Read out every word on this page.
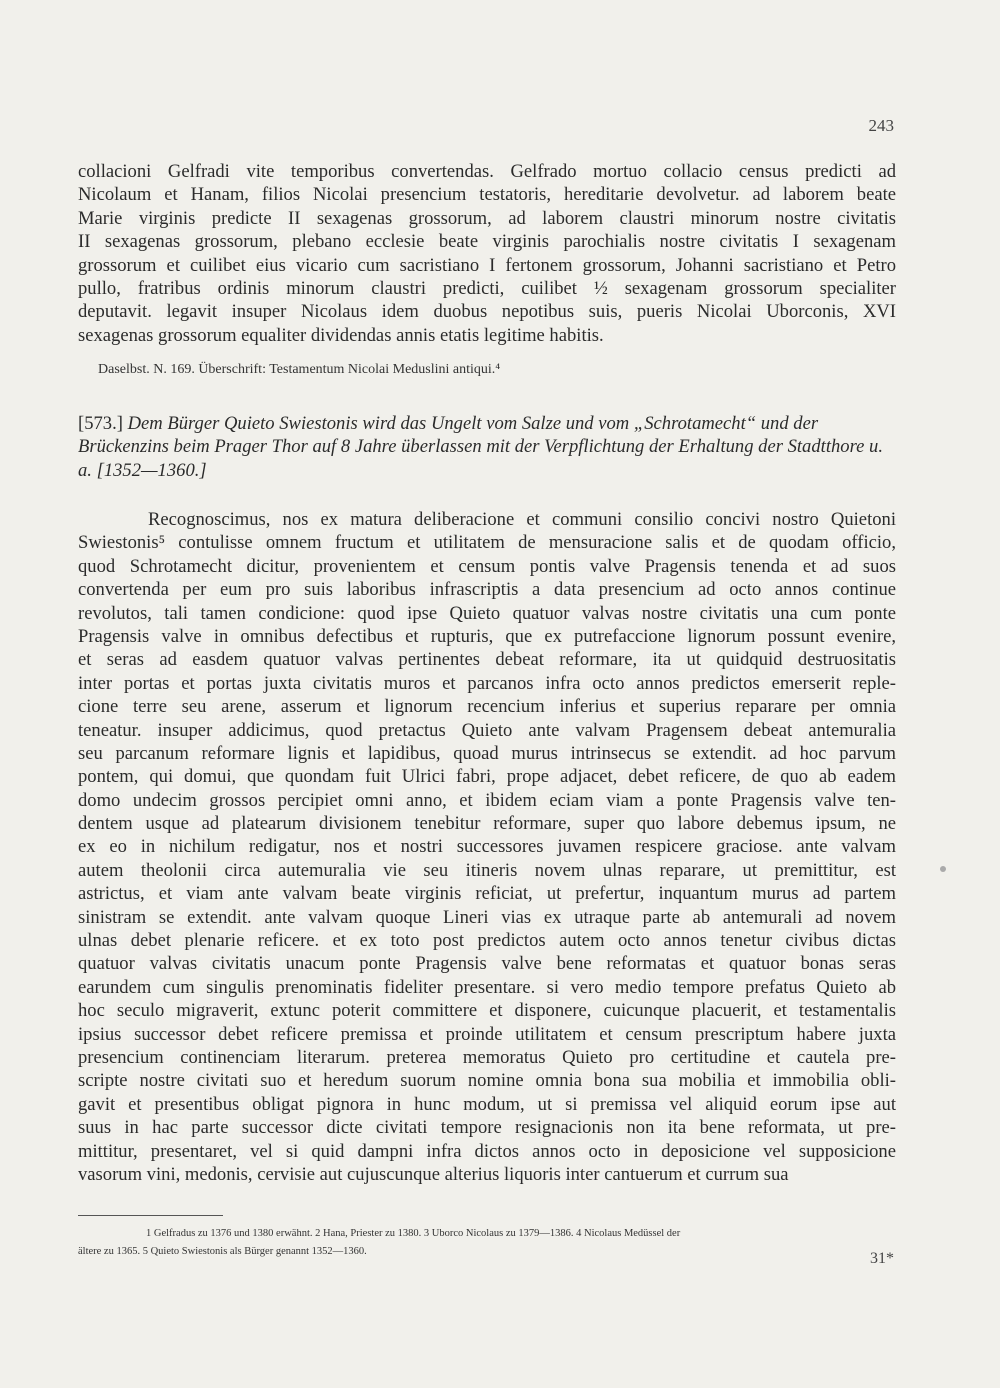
243
collacioni Gelfradi vite temporibus convertendas. Gelfrado mortuo collacio census predicti ad
Nicolaum et Hanam, filios Nicolai presencium testatoris, hereditarie devolvetur. ad laborem beate
Marie virginis predicte II sexagenas grossorum, ad laborem claustri minorum nostre civitatis
II sexagenas grossorum, plebano ecclesie beate virginis parochialis nostre civitatis I sexagenam
grossorum et cuilibet eius vicario cum sacristiano I fertonem grossorum, Johanni sacristiano et Petro
pullo, fratribus ordinis minorum claustri predicti, cuilibet ½ sexagenam grossorum specialiter
deputavit. legavit insuper Nicolaus idem duobus nepotibus suis, pueris Nicolai Uborconis, XVI
sexagenas grossorum equaliter dividendas annis etatis legitime habitis.
Daselbst. N. 169. Überschrift: Testamentum Nicolai Meduslini antiqui.⁴
[573.] Dem Bürger Quieto Swiestonis wird das Ungelt vom Salze und vom „Schrotamecht“ und der Brückenzins beim Prager Thor auf 8 Jahre überlassen mit der Verpflichtung der Erhaltung der Stadtthore u. a. [1352—1360.]
Recognoscimus, nos ex matura deliberacione et communi consilio concivi nostro Quietoni
Swiestonis⁵ contulisse omnem fructum et utilitatem de mensuracione salis et de quodam officio,
quod Schrotamecht dicitur, provenientem et censum pontis valve Pragensis tenenda et ad suos
convertenda per eum pro suis laboribus infrascriptis a data presencium ad octo annos continue
revolutos, tali tamen condicione: quod ipse Quieto quatuor valvas nostre civitatis una cum ponte
Pragensis valve in omnibus defectibus et rupturis, que ex putrefaccione lignorum possunt evenire,
et seras ad easdem quatuor valvas pertinentes debeat reformare, ita ut quidquid destruositatis
inter portas et portas juxta civitatis muros et parcanos infra octo annos predictos emerserit reple-
cione terre seu arene, asserum et lignorum recencium inferius et superius reparare per omnia
teneatur. insuper addicimus, quod pretactus Quieto ante valvam Pragensem debeat antemuralia
seu parcanum reformare lignis et lapidibus, quoad murus intrinsecus se extendit. ad hoc parvum
pontem, qui domui, que quondam fuit Ulrici fabri, prope adjacet, debet reficere, de quo ab eadem
domo undecim grossos percipiet omni anno, et ibidem eciam viam a ponte Pragensis valve ten-
dentem usque ad platearum divisionem tenebitur reformare, super quo labore debemus ipsum, ne
ex eo in nichilum redigatur, nos et nostri successores juvamen respicere graciose. ante valvam
autem theolonii circa autemuralia vie seu itineris novem ulnas reparare, ut premittitur, est
astrictus, et viam ante valvam beate virginis reficiat, ut prefertur, inquantum murus ad partem
sinistram se extendit. ante valvam quoque Lineri vias ex utraque parte ab antemurali ad novem
ulnas debet plenarie reficere. et ex toto post predictos autem octo annos tenetur civibus dictas
quatuor valvas civitatis unacum ponte Pragensis valve bene reformatas et quatuor bonas seras
earundem cum singulis prenominatis fideliter presentare. si vero medio tempore prefatus Quieto ab
hoc seculo migraverit, extunc poterit committere et disponere, cuicunque placuerit, et testamentalis
ipsius successor debet reficere premissa et proinde utilitatem et censum prescriptum habere juxta
presencium continenciam literarum. preterea memoratus Quieto pro certitudine et cautela pre-
scripte nostre civitati suo et heredum suorum nomine omnia bona sua mobilia et immobilia obli-
gavit et presentibus obligat pignora in hunc modum, ut si premissa vel aliquid eorum ipse aut
suus in hac parte successor dicte civitati tempore resignacionis non ita bene reformata, ut pre-
mittitur, presentaret, vel si quid dampni infra dictos annos octo in deposicione vel supposicione
vasorum vini, medonis, cervisie aut cujuscunque alterius liquoris inter cantuerum et currum sua
1 Gelfradus zu 1376 und 1380 erwähnt. 2 Hana, Priester zu 1380. 3 Uborco Nicolaus zu 1379—1386. 4 Nicolaus Medüssel der
ältere zu 1365. 5 Quieto Swiestonis als Bürger genannt 1352—1360.	31*
